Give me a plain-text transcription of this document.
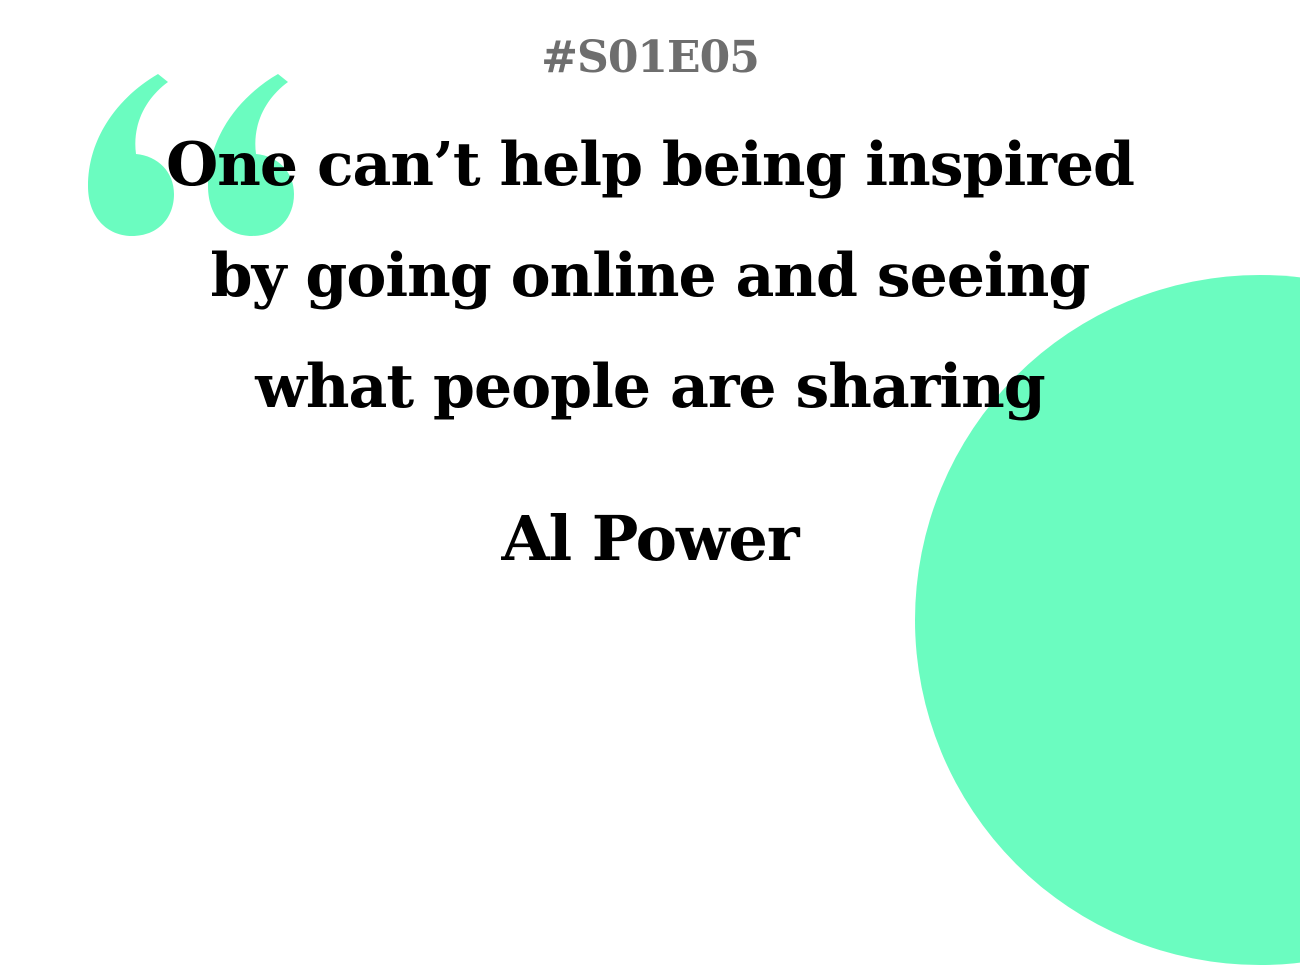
#S01E05
One can’t help being inspired by going online and seeing what people are sharing
Al Power
